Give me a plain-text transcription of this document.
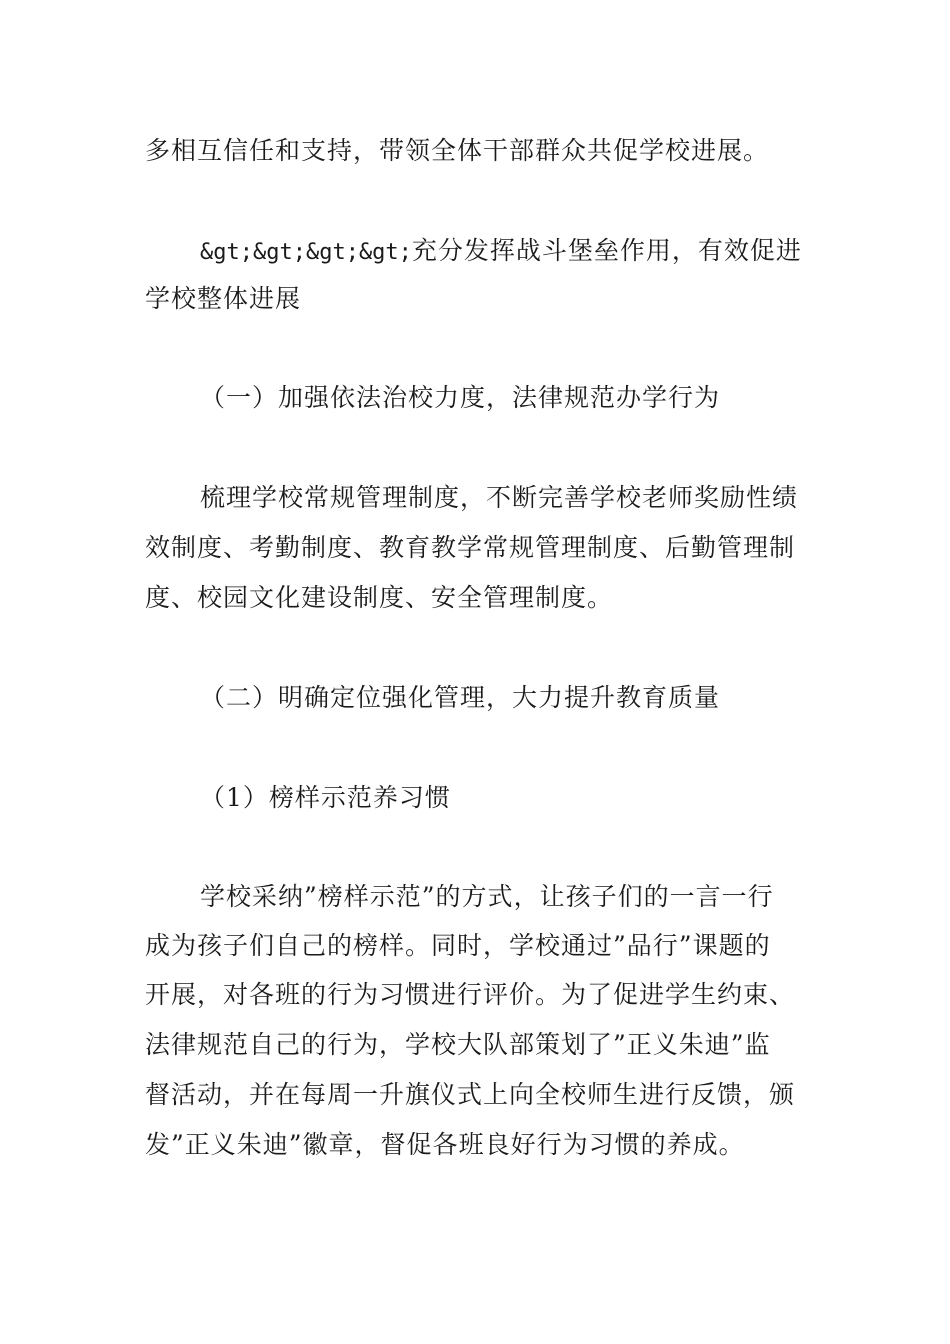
多相互信任和支持，带领全体干部群众共促学校进展。
&gt;&gt;&gt;&gt;充分发挥战斗堡垒作用，有效促进
学校整体进展
（一）加强依法治校力度，法律规范办学行为
梳理学校常规管理制度，不断完善学校老师奖励性绩
效制度、考勤制度、教育教学常规管理制度、后勤管理制
度、校园文化建设制度、安全管理制度。
（二）明确定位强化管理，大力提升教育质量
（1）榜样示范养习惯
学校采纳”榜样示范”的方式，让孩子们的一言一行
成为孩子们自己的榜样。同时，学校通过”品行”课题的
开展，对各班的行为习惯进行评价。为了促进学生约束、
法律规范自己的行为，学校大队部策划了”正义朱迪”监
督活动，并在每周一升旗仪式上向全校师生进行反馈，颁
发”正义朱迪”徽章，督促各班良好行为习惯的养成。
